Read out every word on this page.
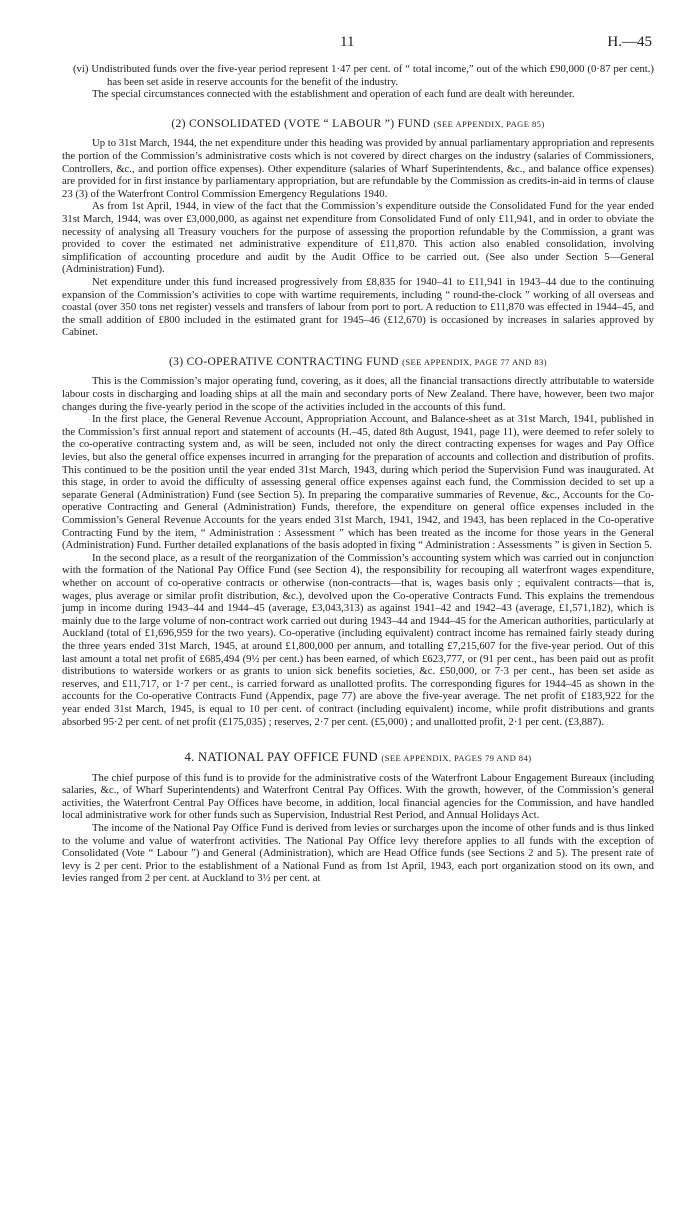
11	H.—45

(vi) Undistributed funds over the five-year period represent 1·47 per cent. of “ total income,” out of the which £90,000 (0·87 per cent.) has been set aside in reserve accounts for the benefit of the industry.

The special circumstances connected with the establishment and operation of each fund are dealt with hereunder.

(2) CONSOLIDATED (VOTE “ LABOUR ”) FUND (SEE APPENDIX, PAGE 85)

Up to 31st March, 1944, the net expenditure under this heading was provided by annual parliamentary appropriation and represents the portion of the Commission’s administrative costs which is not covered by direct charges on the industry (salaries of Commissioners, Controllers, &c., and portion office expenses). Other expenditure (salaries of Wharf Superintendents, &c., and balance office expenses) are provided for in first instance by parliamentary appropriation, but are refundable by the Commission as credits-in-aid in terms of clause 23 (3) of the Waterfront Control Commission Emergency Regulations 1940.

As from 1st April, 1944, in view of the fact that the Commission’s expenditure outside the Consolidated Fund for the year ended 31st March, 1944, was over £3,000,000, as against net expenditure from Consolidated Fund of only £11,941, and in order to obviate the necessity of analysing all Treasury vouchers for the purpose of assessing the proportion refundable by the Commission, a grant was provided to cover the estimated net administrative expenditure of £11,870. This action also enabled consolidation, involving simplification of accounting procedure and audit by the Audit Office to be carried out. (See also under Section 5—General (Administration) Fund).

Net expenditure under this fund increased progressively from £8,835 for 1940–41 to £11,941 in 1943–44 due to the continuing expansion of the Commission’s activities to cope with wartime requirements, including “ round-the-clock ” working of all overseas and coastal (over 350 tons net register) vessels and transfers of labour from port to port. A reduction to £11,870 was effected in 1944–45, and the small addition of £800 included in the estimated grant for 1945–46 (£12,670) is occasioned by increases in salaries approved by Cabinet.

(3) CO-OPERATIVE CONTRACTING FUND (SEE APPENDIX, PAGE 77 AND 83)

This is the Commission’s major operating fund, covering, as it does, all the financial transactions directly attributable to waterside labour costs in discharging and loading ships at all the main and secondary ports of New Zealand. There have, however, been two major changes during the five-yearly period in the scope of the activities included in the accounts of this fund.

In the first place, the General Revenue Account, Appropriation Account, and Balance-sheet as at 31st March, 1941, published in the Commission’s first annual report and statement of accounts (H.–45, dated 8th August, 1941, page 11), were deemed to refer solely to the co-operative contracting system and, as will be seen, included not only the direct contracting expenses for wages and Pay Office levies, but also the general office expenses incurred in arranging for the preparation of accounts and collection and distribution of profits. This continued to be the position until the year ended 31st March, 1943, during which period the Supervision Fund was inaugurated. At this stage, in order to avoid the difficulty of assessing general office expenses against each fund, the Commission decided to set up a separate General (Administration) Fund (see Section 5). In preparing the comparative summaries of Revenue, &c., Accounts for the Co-operative Contracting and General (Administration) Funds, therefore, the expenditure on general office expenses included in the Commission’s General Revenue Accounts for the years ended 31st March, 1941, 1942, and 1943, has been replaced in the Co-operative Contracting Fund by the item, “ Administration : Assessment ” which has been treated as the income for those years in the General (Administration) Fund. Further detailed explanations of the basis adopted in fixing “ Administration : Assessments ” is given in Section 5.

In the second place, as a result of the reorganization of the Commission’s accounting system which was carried out in conjunction with the formation of the National Pay Office Fund (see Section 4), the responsibility for recouping all waterfront wages expenditure, whether on account of co-operative contracts or otherwise (non-contracts—that is, wages basis only ; equivalent contracts—that is, wages, plus average or similar profit distribution, &c.), devolved upon the Co-operative Contracts Fund. This explains the tremendous jump in income during 1943–44 and 1944–45 (average, £3,043,313) as against 1941–42 and 1942–43 (average, £1,571,182), which is mainly due to the large volume of non-contract work carried out during 1943–44 and 1944–45 for the American authorities, particularly at Auckland (total of £1,696,959 for the two years). Co-operative (including equivalent) contract income has remained fairly steady during the three years ended 31st March, 1945, at around £1,800,000 per annum, and totalling £7,215,607 for the five-year period. Out of this last amount a total net profit of £685,494 (9½ per cent.) has been earned, of which £623,777, or (91 per cent., has been paid out as profit distributions to waterside workers or as grants to union sick benefits societies, &c. £50,000, or 7·3 per cent., has been set aside as reserves, and £11,717, or 1·7 per cent., is carried forward as unallotted profits. The corresponding figures for 1944–45 as shown in the accounts for the Co-operative Contracts Fund (Appendix, page 77) are above the five-year average. The net profit of £183,922 for the year ended 31st March, 1945, is equal to 10 per cent. of contract (including equivalent) income, while profit distributions and grants absorbed 95·2 per cent. of net profit (£175,035) ; reserves, 2·7 per cent. (£5,000) ; and unallotted profit, 2·1 per cent. (£3,887).

4. NATIONAL PAY OFFICE FUND (SEE APPENDIX, PAGES 79 AND 84)

The chief purpose of this fund is to provide for the administrative costs of the Waterfront Labour Engagement Bureaux (including salaries, &c., of Wharf Superintendents) and Waterfront Central Pay Offices. With the growth, however, of the Commission’s general activities, the Waterfront Central Pay Offices have become, in addition, local financial agencies for the Commission, and have handled local administrative work for other funds such as Supervision, Industrial Rest Period, and Annual Holidays Act.

The income of the National Pay Office Fund is derived from levies or surcharges upon the income of other funds and is thus linked to the volume and value of waterfront activities. The National Pay Office levy therefore applies to all funds with the exception of Consolidated (Vote “ Labour ”) and General (Administration), which are Head Office funds (see Sections 2 and 5). The present rate of levy is 2 per cent. Prior to the establishment of a National Fund as from 1st April, 1943, each port organization stood on its own, and levies ranged from 2 per cent. at Auckland to 3½ per cent. at
